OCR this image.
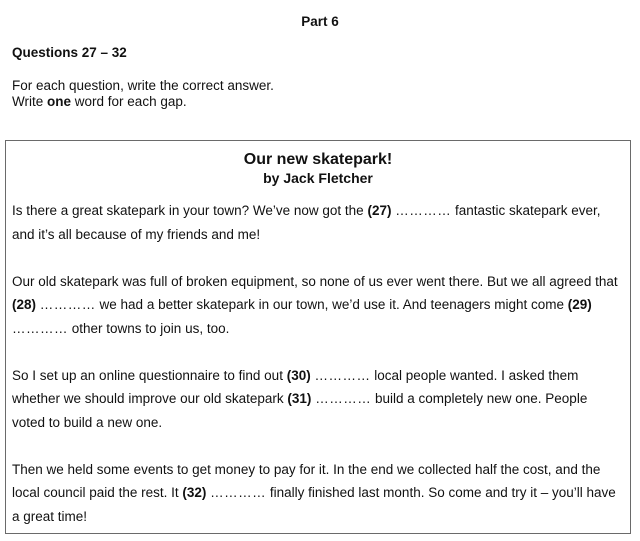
Part 6
Questions 27 – 32

For each question, write the correct answer.

Write one word for each gap.

Our new skatepark!
by Jack Fletcher

Is there a great skatepark in your town? We’ve now got the (27) ………… fantastic skatepark ever, and it’s all because of my friends and me!

Our old skatepark was full of broken equipment, so none of us ever went there. But we all agreed that (28) ………… we had a better skatepark in our town, we’d use it. And teenagers might come (29) ………… other towns to join us, too.

So I set up an online questionnaire to find out (30) ………… local people wanted. I asked them whether we should improve our old skatepark (31) ………… build a completely new one. People voted to build a new one.

Then we held some events to get money to pay for it. In the end we collected half the cost, and the local council paid the rest. It (32) ………… finally finished last month. So come and try it – you’ll have a great time!
